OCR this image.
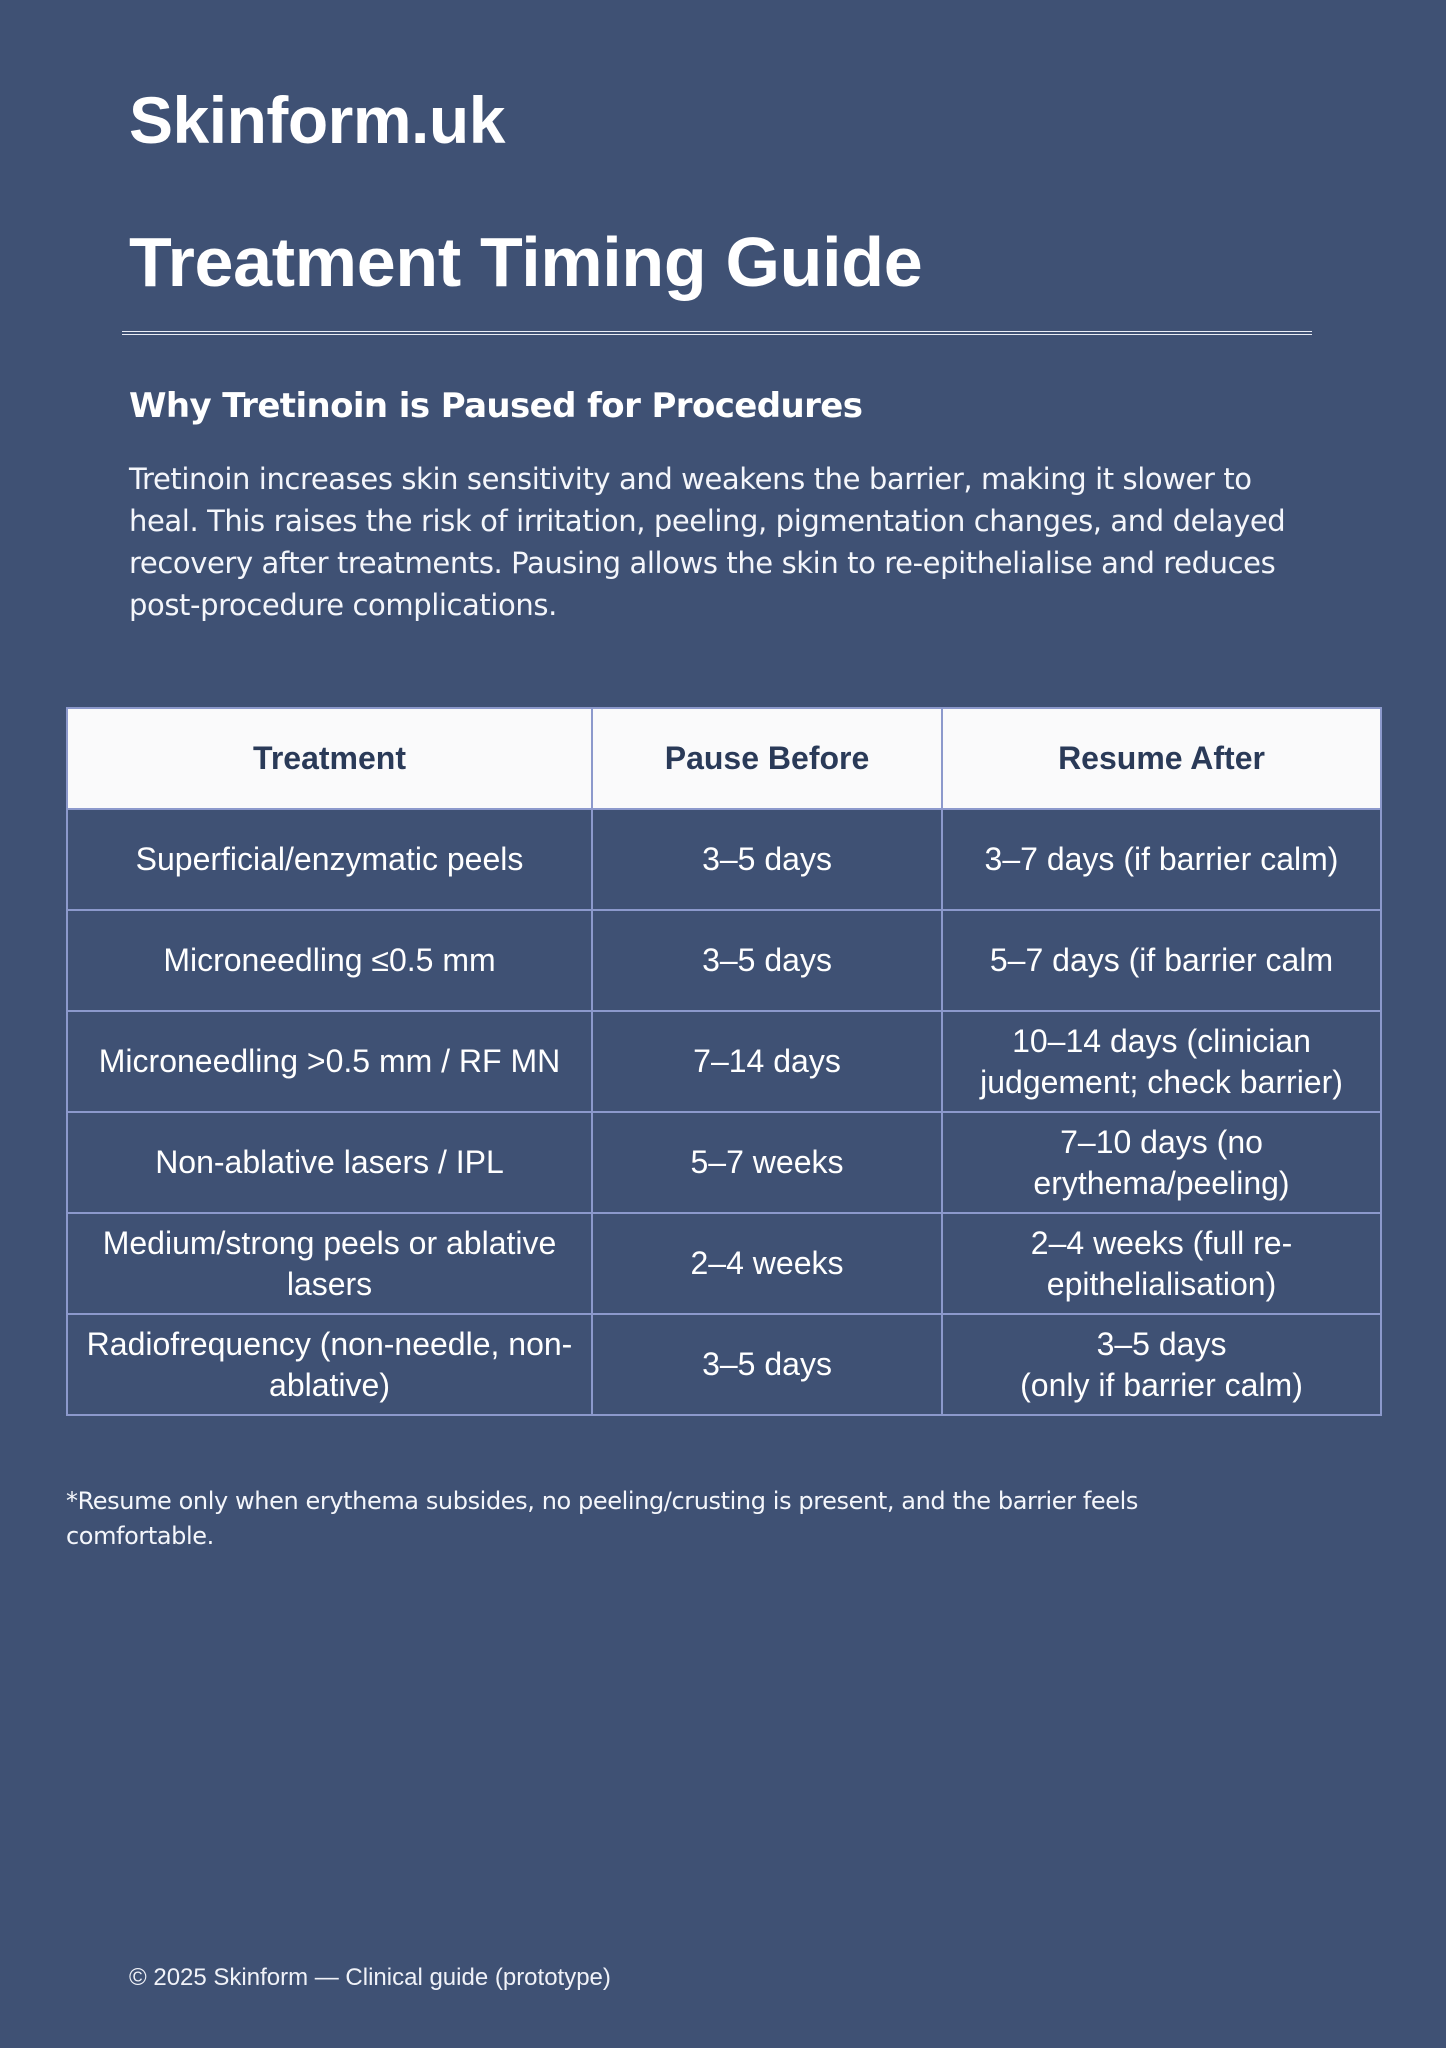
Skinform.uk
Treatment Timing Guide
Why Tretinoin is Paused for Procedures

Tretinoin increases skin sensitivity and weakens the barrier, making it slower to heal. This raises the risk of irritation, peeling, pigmentation changes, and delayed recovery after treatments. Pausing allows the skin to re-epithelialise and reduces post-procedure complications.

Treatment	Pause Before	Resume After
Superficial/enzymatic peels	3–5 days	3–7 days (if barrier calm)
Microneedling ≤0.5 mm	3–5 days	5–7 days (if barrier calm
Microneedling >0.5 mm / RF MN	7–14 days	10–14 days (clinician judgement; check barrier)
Non-ablative lasers / IPL	5–7 weeks	7–10 days (no erythema/peeling)
Medium/strong peels or ablative lasers	2–4 weeks	2–4 weeks (full re-epithelialisation)
Radiofrequency (non-needle, non-ablative)	3–5 days	3–5 days
(only if barrier calm)

*Resume only when erythema subsides, no peeling/crusting is present, and the barrier feels comfortable.

© 2025 Skinform — Clinical guide (prototype)
